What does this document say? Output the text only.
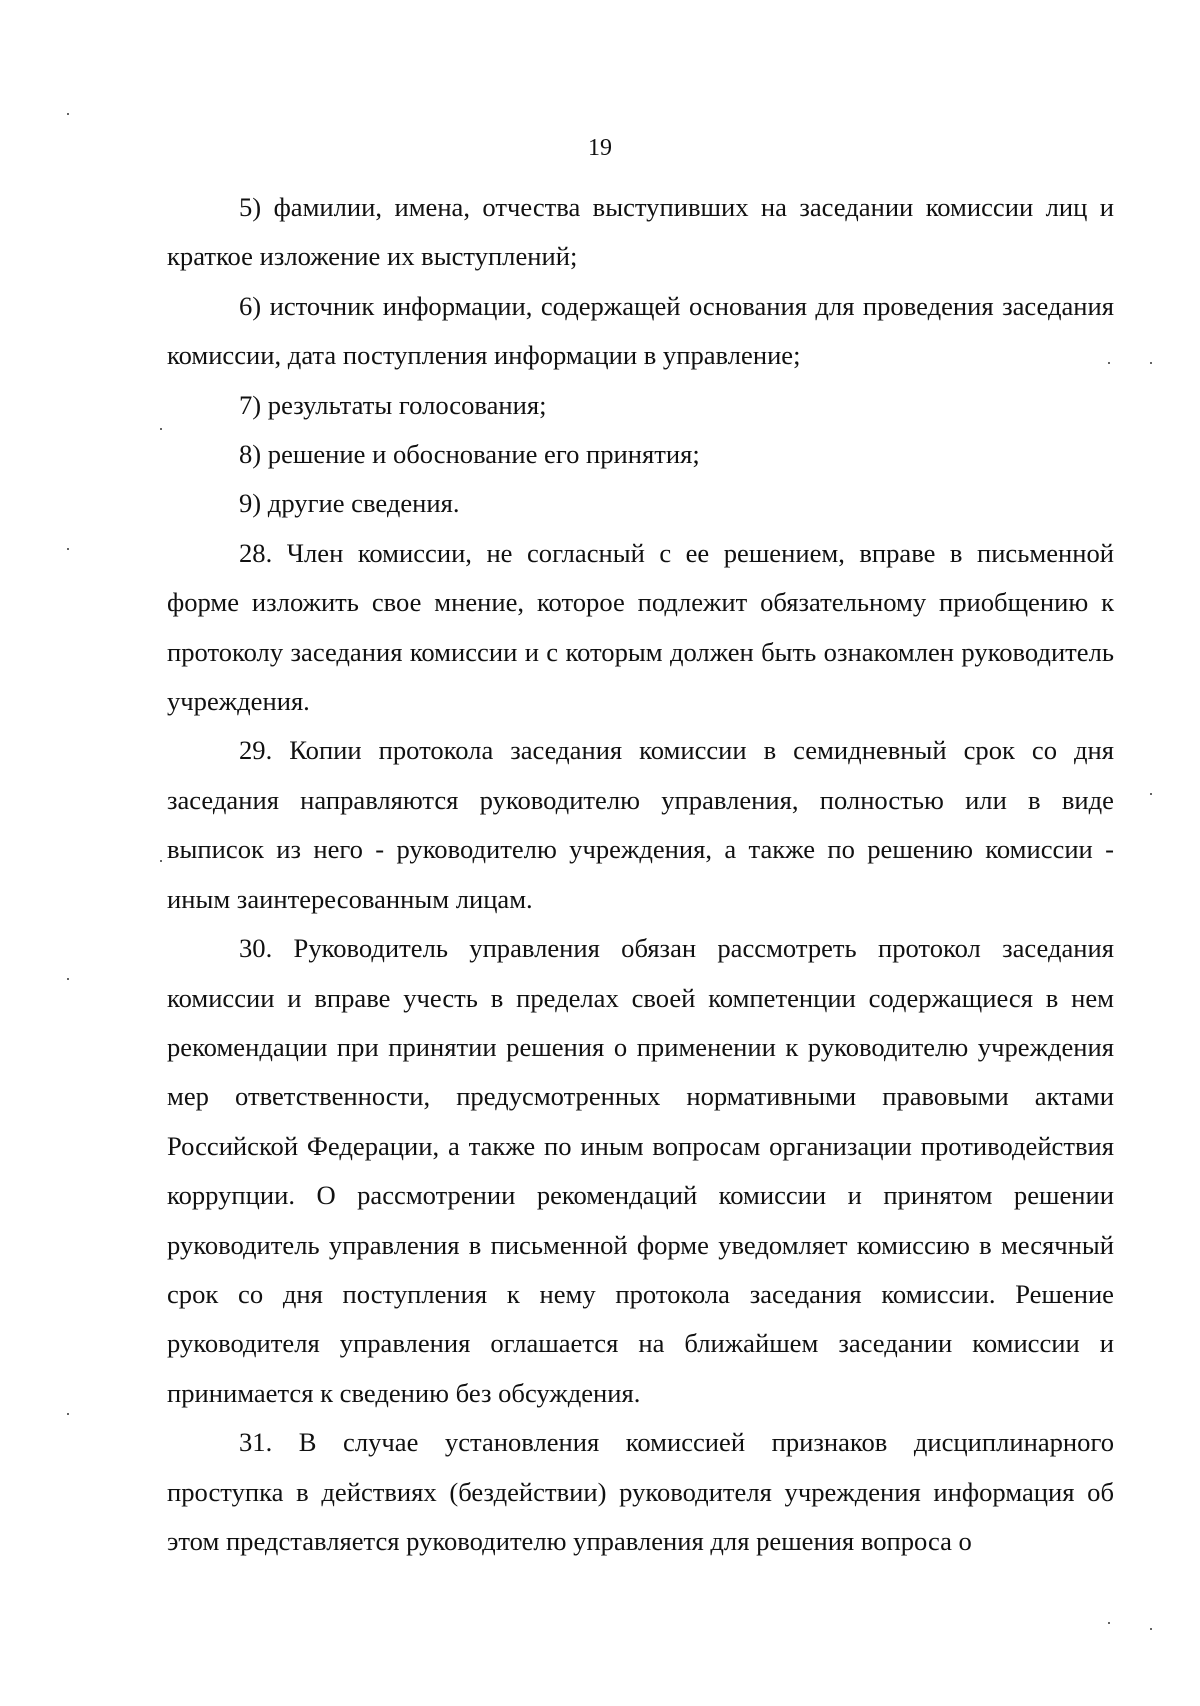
19

5) фамилии, имена, отчества выступивших на заседании комиссии лиц и краткое изложение их выступлений;

6) источник информации, содержащей основания для проведения заседания комиссии, дата поступления информации в управление;

7) результаты голосования;

8) решение и обоснование его принятия;

9) другие сведения.

28. Член комиссии, не согласный с ее решением, вправе в письменной форме изложить свое мнение, которое подлежит обязательному приобщению к протоколу заседания комиссии и с которым должен быть ознакомлен руководитель учреждения.

29. Копии протокола заседания комиссии в семидневный срок со дня заседания направляются руководителю управления, полностью или в виде выписок из него - руководителю учреждения, а также по решению комиссии - иным заинтересованным лицам.

30. Руководитель управления обязан рассмотреть протокол заседания комиссии и вправе учесть в пределах своей компетенции содержащиеся в нем рекомендации при принятии решения о применении к руководителю учреждения мер ответственности, предусмотренных нормативными правовыми актами Российской Федерации, а также по иным вопросам организации противодействия коррупции. О рассмотрении рекомендаций комиссии и принятом решении руководитель управления в письменной форме уведомляет комиссию в месячный срок со дня поступления к нему протокола заседания комиссии. Решение руководителя управления оглашается на ближайшем заседании комиссии и принимается к сведению без обсуждения.

31. В случае установления комиссией признаков дисциплинарного проступка в действиях (бездействии) руководителя учреждения информация об этом представляется руководителю управления для решения вопроса о
